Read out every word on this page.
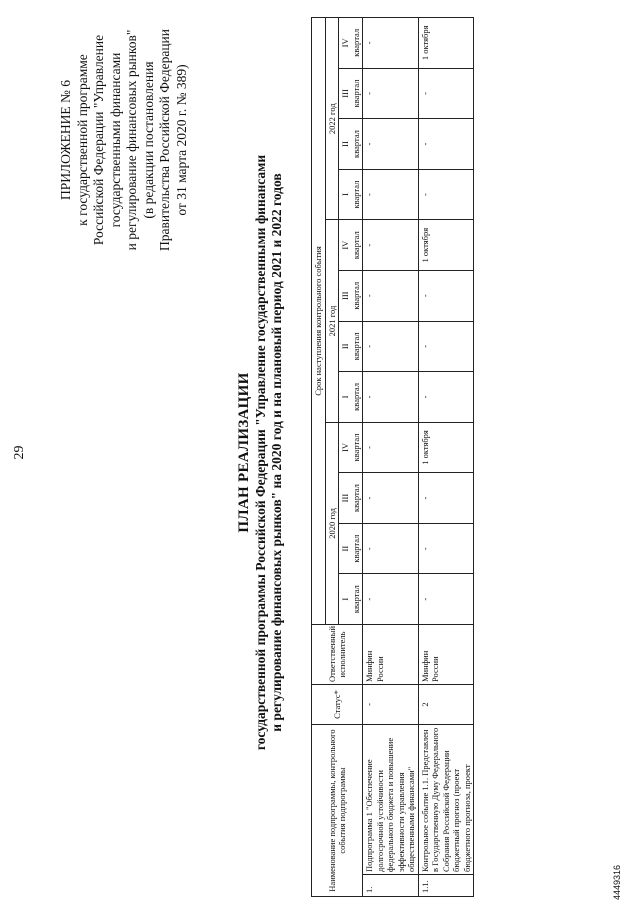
29
ПРИЛОЖЕНИЕ № 6 к государственной программе Российской Федерации "Управление государственными финансами и регулирование финансовых рынков" (в редакции постановления Правительства Российской Федерации от 31 марта 2020 г. № 389)
ПЛАН РЕАЛИЗАЦИИ государственной программы Российской Федерации "Управление государственными финансами и регулирование финансовых рынков" на 2020 год и на плановый период 2021 и 2022 годов
Наименование подпрограммы, контрольного события подпрограммы		Статус*	Ответственный исполнитель	Срок наступления контрольного события											
				2020 год				2021 год				2022 год			

				I квартал	II квартал	III квартал	IV квартал	I квартал	II квартал	III квартал	IV квартал	I квартал	II квартал	III квартал	IV квартал

1.	Подпрограмма 1 "Обеспечение долгосрочной устойчивости федерального бюджета и повышение эффективности управления общественными финансами"	-	Минфин России	-	-	-	-	-	-	-	-	-	-	-	-
1.1.	Контрольное событие 1.1. Представлен в Государственную Думу Федерального Собрания Российской Федерации бюджетный прогноз (проект бюджетного прогноза, проект	2	Минфин России	-	-	-	1 октября	-	-	-	1 октября	-	-	-	1 октября
4449316
